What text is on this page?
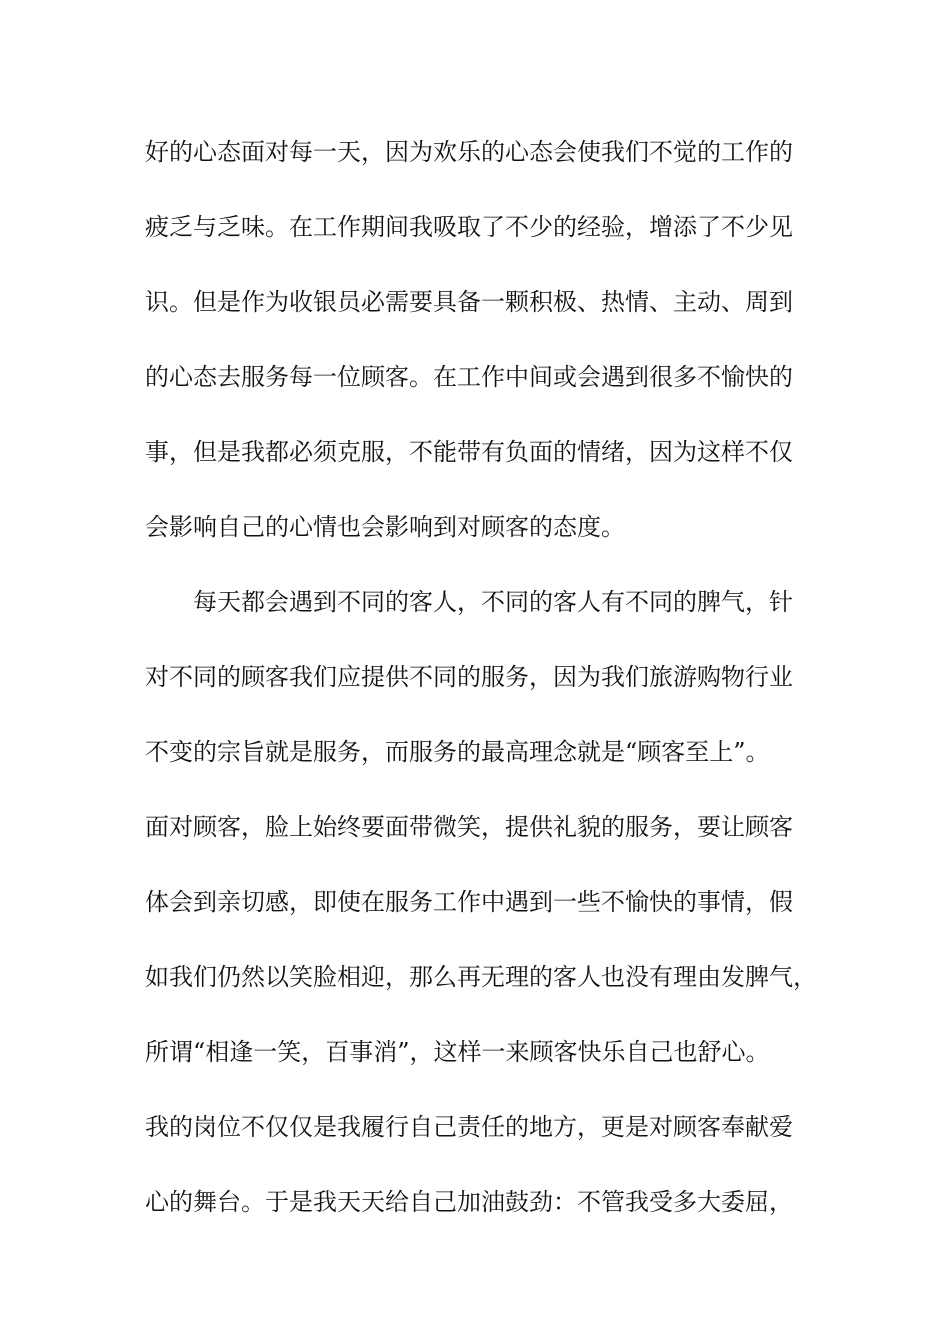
好的心态面对每一天，因为欢乐的心态会使我们不觉的工作的
疲乏与乏味。在工作期间我吸取了不少的经验，增添了不少见
识。但是作为收银员必需要具备一颗积极、热情、主动、周到
的心态去服务每一位顾客。在工作中间或会遇到很多不愉快的
事，但是我都必须克服，不能带有负面的情绪，因为这样不仅
会影响自己的心情也会影响到对顾客的态度。
每天都会遇到不同的客人，不同的客人有不同的脾气，针
对不同的顾客我们应提供不同的服务，因为我们旅游购物行业
不变的宗旨就是服务，而服务的最高理念就是“顾客至上”。
面对顾客，脸上始终要面带微笑，提供礼貌的服务，要让顾客
体会到亲切感，即使在服务工作中遇到一些不愉快的事情，假
如我们仍然以笑脸相迎，那么再无理的客人也没有理由发脾气，
所谓“相逢一笑，百事消”，这样一来顾客快乐自己也舒心。
我的岗位不仅仅是我履行自己责任的地方，更是对顾客奉献爱
心的舞台。于是我天天给自己加油鼓劲：不管我受多大委屈，
